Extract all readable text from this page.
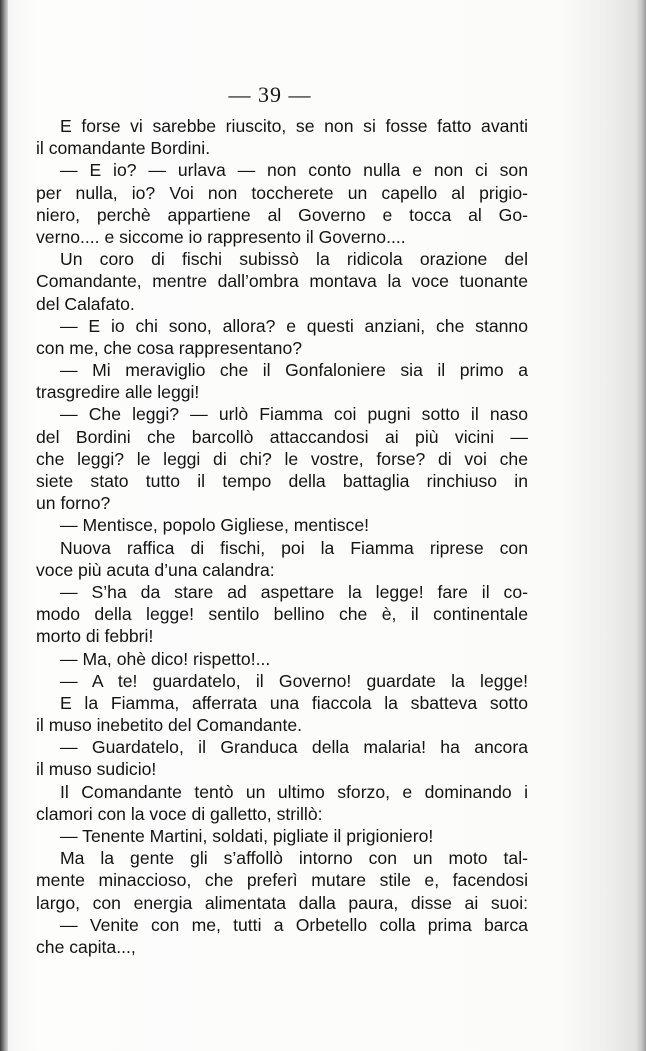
— 39 —
E forse vi sarebbe riuscito, se non si fosse fatto avanti
il comandante Bordini.
— E io? — urlava — non conto nulla e non ci son
per nulla, io? Voi non toccherete un capello al prigio-
niero, perchè appartiene al Governo e tocca al Go-
verno.... e siccome io rappresento il Governo....
Un coro di fischi subissò la ridicola orazione del
Comandante, mentre dall’ombra montava la voce tuonante
del Calafato.
— E io chi sono, allora? e questi anziani, che stanno
con me, che cosa rappresentano?
— Mi meraviglio che il Gonfaloniere sia il primo a
trasgredire alle leggi!
— Che leggi? — urlò Fiamma coi pugni sotto il naso
del Bordini che barcollò attaccandosi ai più vicini —
che leggi? le leggi di chi? le vostre, forse? di voi che
siete stato tutto il tempo della battaglia rinchiuso in
un forno?
— Mentisce, popolo Gigliese, mentisce!
Nuova raffica di fischi, poi la Fiamma riprese con
voce più acuta d’una calandra:
— S’ha da stare ad aspettare la legge! fare il co-
modo della legge! sentilo bellino che è, il continentale
morto di febbri!
— Ma, ohè dico! rispetto!...
— A te! guardatelo, il Governo! guardate la legge!
E la Fiamma, afferrata una fiaccola la sbatteva sotto
il muso inebetito del Comandante.
— Guardatelo, il Granduca della malaria! ha ancora
il muso sudicio!
Il Comandante tentò un ultimo sforzo, e dominando i
clamori con la voce di galletto, strillò:
— Tenente Martini, soldati, pigliate il prigioniero!
Ma la gente gli s’affollò intorno con un moto tal-
mente minaccioso, che preferì mutare stile e, facendosi
largo, con energia alimentata dalla paura, disse ai suoi:
— Venite con me, tutti a Orbetello colla prima barca
che capita...,
